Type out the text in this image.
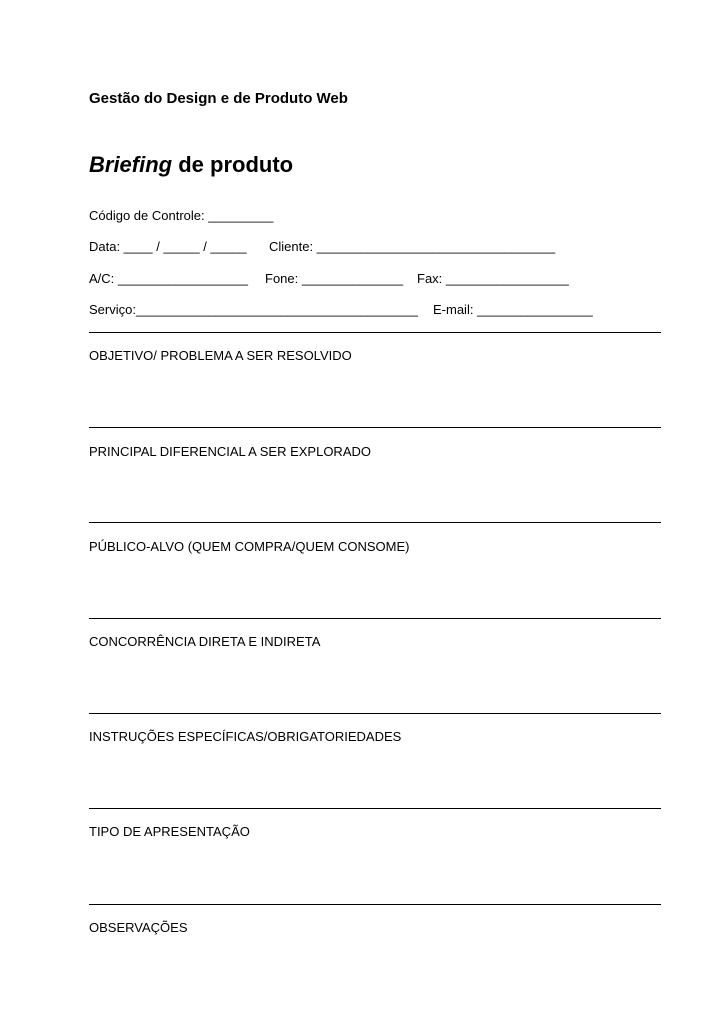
Gestão do Design e de Produto Web
Briefing de produto
Código de Controle: _________
Data: ____ / _____ / _____ Cliente: _________________________________
A/C: __________________ Fone: ______________ Fax: _________________
Serviço:_______________________________________ E-mail: ________________
OBJETIVO/ PROBLEMA A SER RESOLVIDO
PRINCIPAL DIFERENCIAL A SER EXPLORADO
PÚBLICO-ALVO (QUEM COMPRA/QUEM CONSOME)
CONCORRÊNCIA DIRETA E INDIRETA
INSTRUÇÕES ESPECÍFICAS/OBRIGATORIEDADES
TIPO DE APRESENTAÇÃO
OBSERVAÇÕES
